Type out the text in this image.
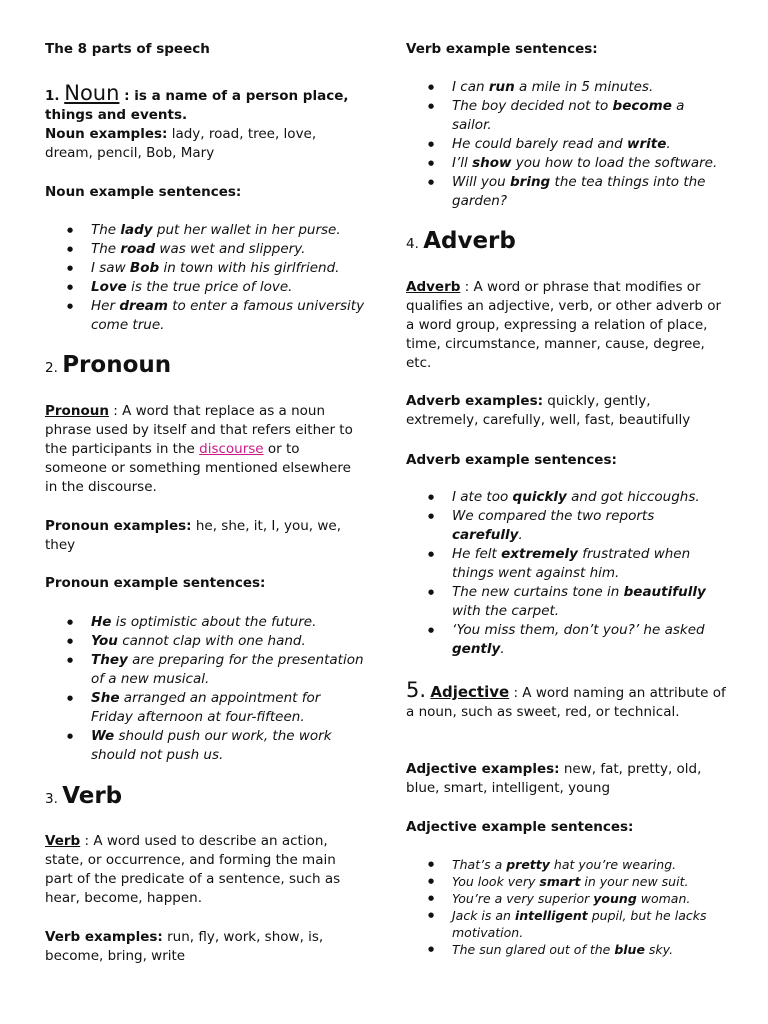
The 8 parts of speech
1. Noun : is a name of a person place, things and events.
Noun examples: lady, road, tree, love, dream, pencil, Bob, Mary
Noun example sentences:
● The lady put her wallet in her purse.
● The road was wet and slippery.
● I saw Bob in town with his girlfriend.
● Love is the true price of love.
● Her dream to enter a famous university come true.
2. Pronoun
Pronoun : A word that replace as a noun phrase used by itself and that refers either to the participants in the discourse or to someone or something mentioned elsewhere in the discourse.
Pronoun examples: he, she, it, I, you, we, they
Pronoun example sentences:
● He is optimistic about the future.
● You cannot clap with one hand.
● They are preparing for the presentation of a new musical.
● She arranged an appointment for Friday afternoon at four-fifteen.
● We should push our work, the work should not push us.
3. Verb
Verb : A word used to describe an action, state, or occurrence, and forming the main part of the predicate of a sentence, such as hear, become, happen.
Verb examples: run, fly, work, show, is, become, bring, write
Verb example sentences:
● I can run a mile in 5 minutes.
● The boy decided not to become a sailor.
● He could barely read and write.
● I’ll show you how to load the software.
● Will you bring the tea things into the garden?
4. Adverb
Adverb : A word or phrase that modifies or qualifies an adjective, verb, or other adverb or a word group, expressing a relation of place, time, circumstance, manner, cause, degree, etc.
Adverb examples: quickly, gently, extremely, carefully, well, fast, beautifully
Adverb example sentences:
● I ate too quickly and got hiccoughs.
● We compared the two reports carefully.
● He felt extremely frustrated when things went against him.
● The new curtains tone in beautifully with the carpet.
● ‘You miss them, don’t you?’ he asked gently.
5. Adjective : A word naming an attribute of a noun, such as sweet, red, or technical.
Adjective examples: new, fat, pretty, old, blue, smart, intelligent, young
Adjective example sentences:
● That’s a pretty hat you’re wearing.
● You look very smart in your new suit.
● You’re a very superior young woman.
● Jack is an intelligent pupil, but he lacks motivation.
● The sun glared out of the blue sky.
